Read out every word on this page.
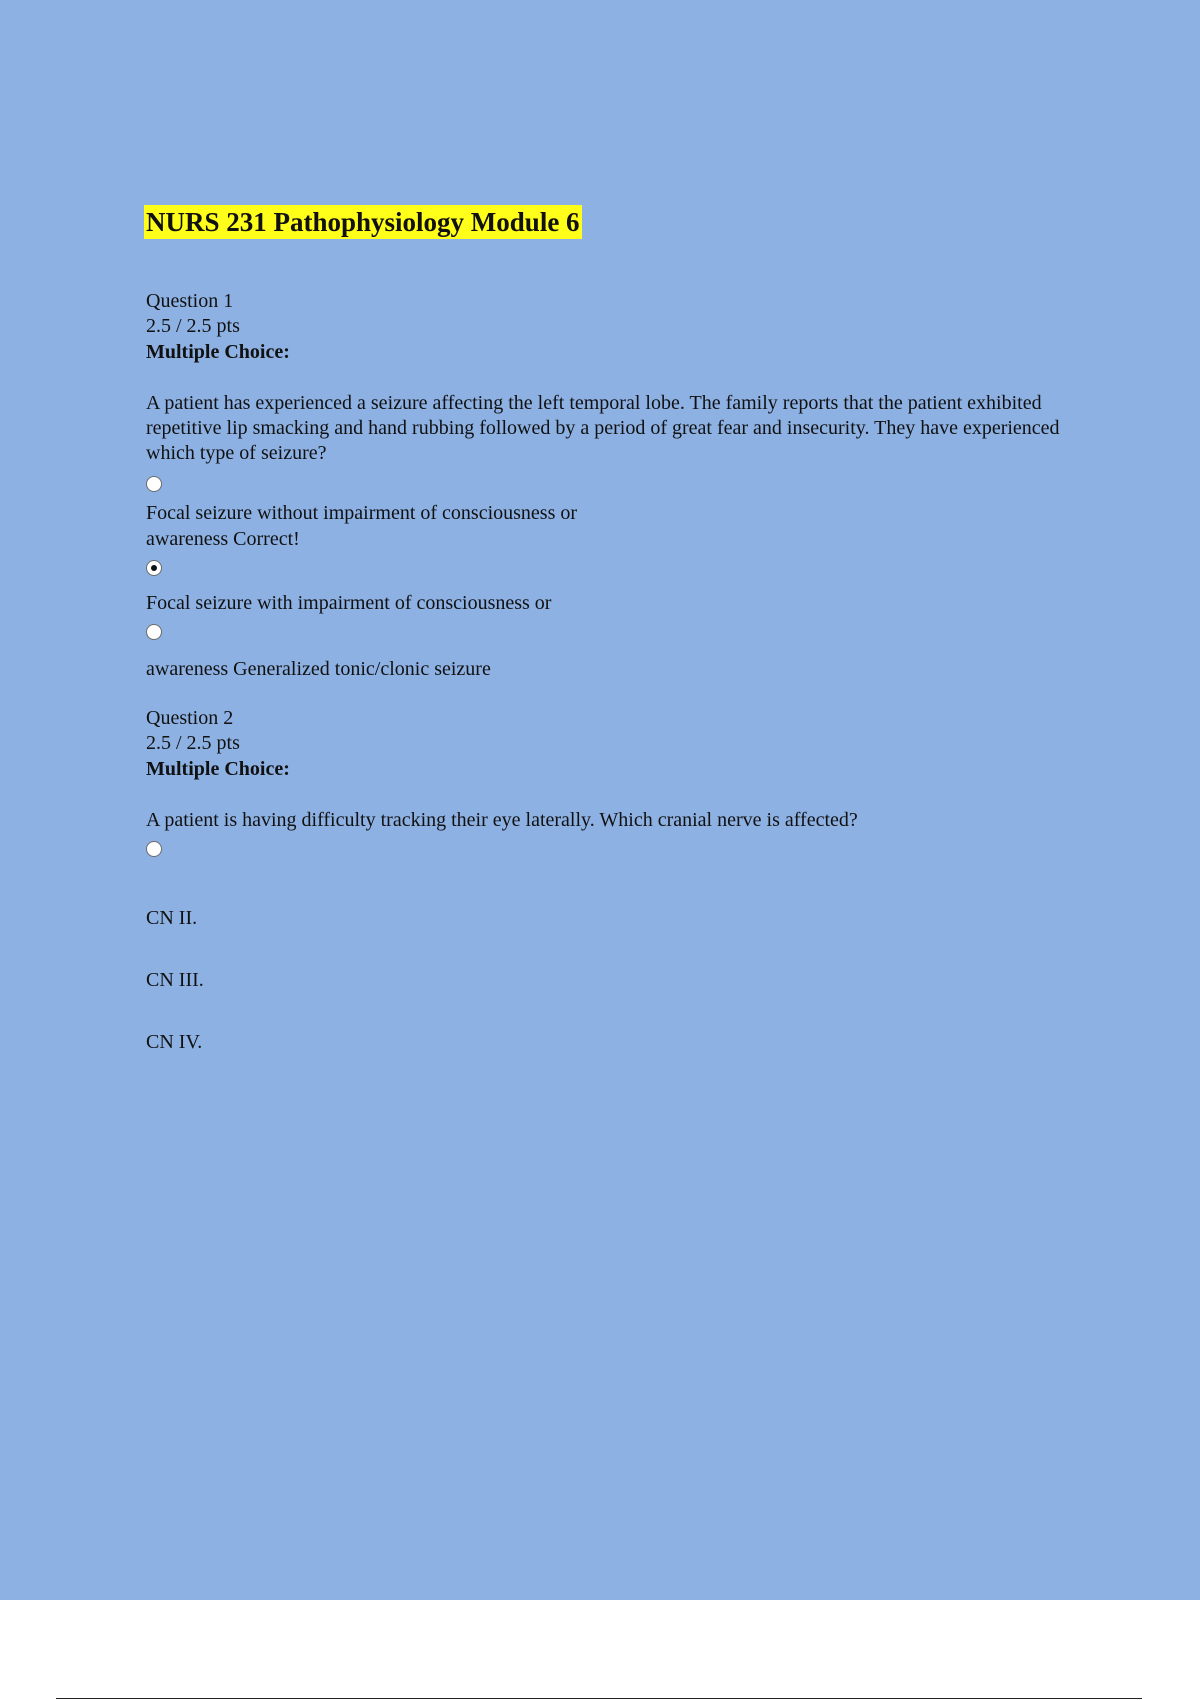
NURS 231 Pathophysiology Module 6
Question 1
2.5 / 2.5 pts
Multiple Choice:
A patient has experienced a seizure affecting the left temporal lobe. The family reports that the patient exhibited repetitive lip smacking and hand rubbing followed by a period of great fear and insecurity. They have experienced which type of seizure?
Focal seizure without impairment of consciousness or
awareness Correct!
Focal seizure with impairment of consciousness or
awareness Generalized tonic/clonic seizure
Question 2
2.5 / 2.5 pts
Multiple Choice:
A patient is having difficulty tracking their eye laterally. Which cranial nerve is affected?
CN II.
CN III.
CN IV.
